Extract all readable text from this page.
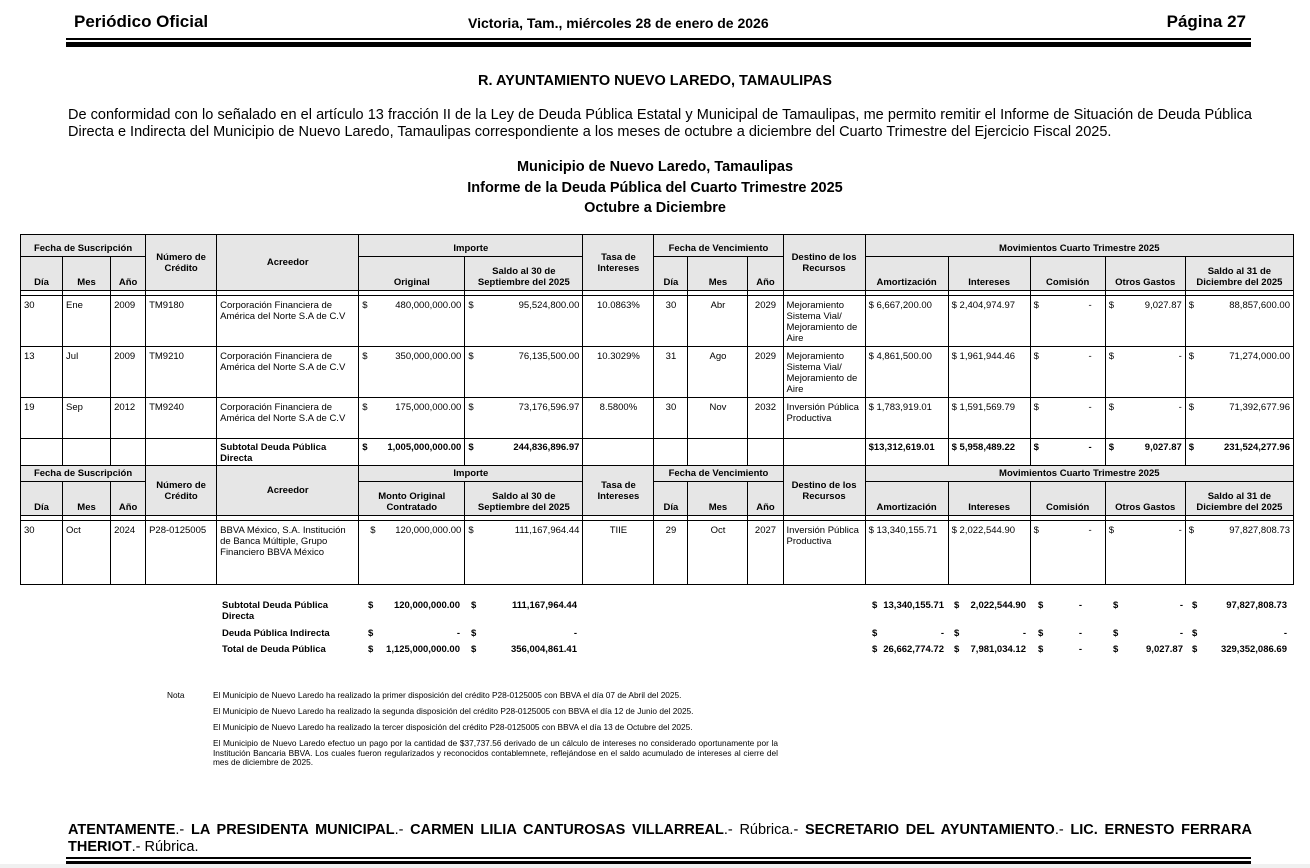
Periódico Oficial	Victoria, Tam., miércoles 28 de enero de 2026	Página 27
R. AYUNTAMIENTO NUEVO LAREDO, TAMAULIPAS
De conformidad con lo señalado en el artículo 13 fracción II de la Ley de Deuda Pública Estatal y Municipal de Tamaulipas, me permito remitir el Informe de Situación de Deuda Pública Directa e Indirecta del Municipio de Nuevo Laredo, Tamaulipas correspondiente a los meses de octubre a diciembre del Cuarto Trimestre del Ejercicio Fiscal 2025.
Municipio de Nuevo Laredo, Tamaulipas
Informe de la Deuda Pública del Cuarto Trimestre 2025
Octubre a Diciembre
Fecha de Suscripción			Número de Crédito	Acreedor	Importe		Tasa de Intereses	Fecha de Vencimiento			Destino de los Recursos	Movimientos Cuarto Trimestre 2025				
Día	Mes	Año			Original	Saldo al 30 de Septiembre del 2025		Día	Mes	Año		Amortización	Intereses	Comisión	Otros Gastos	Saldo al 31 de Diciembre del 2025

30	Ene	2009	TM9180	Corporación Financiera de América del Norte S.A de C.V	$ 480,000,000.00	$ 95,524,800.00	10.0863%	30	Abr	2029	Mejoramiento Sistema Vial/ Mejoramiento de Aire	$ 6,667,200.00	$ 2,404,974.97	$ -	$ 9,027.87	$ 88,857,600.00

13	Jul	2009	TM9210	Corporación Financiera de América del Norte S.A de C.V	$ 350,000,000.00	$ 76,135,500.00	10.3029%	31	Ago	2029	Mejoramiento Sistema Vial/ Mejoramiento de Aire	$ 4,861,500.00	$ 1,961,944.46	$ -	$ -	$ 71,274,000.00

19	Sep	2012	TM9240	Corporación Financiera de América del Norte S.A de C.V	$ 175,000,000.00	$ 73,176,596.97	8.5800%	30	Nov	2032	Inversión Pública Productiva	$ 1,783,919.01	$ 1,591,569.79	$ -	$ -	$ 71,392,677.96

				Subtotal Deuda Pública Directa	$ 1,005,000,000.00	$ 244,836,896.97						$13,312,619.01	$ 5,958,489.22	$ -	$ 9,027.87	$ 231,524,277.96

Fecha de Suscripción			Número de Crédito	Acreedor	Importe		Tasa de Intereses	Fecha de Vencimiento			Destino de los Recursos	Movimientos Cuarto Trimestre 2025				
Día	Mes	Año			Monto Original Contratado	Saldo al 30 de Septiembre del 2025		Día	Mes	Año		Amortización	Intereses	Comisión	Otros Gastos	Saldo al 31 de Diciembre del 2025

30	Oct	2024	P28-0125005	BBVA México, S.A. Institución de Banca Múltiple, Grupo Financiero BBVA México	$ 120,000,000.00	$ 111,167,964.44	TIIE	29	Oct	2027	Inversión Pública Productiva	$ 13,340,155.71	$ 2,022,544.90	$ -	$ -	$ 97,827,808.73
Subtotal Deuda Pública Directa
$	120,000,000.00 $	111,167,964.44	$ 13,340,155.71 $	2,022,544.90 $	-	$	- $	97,827,808.73
Deuda Pública Indirecta	$	- $	-	$	- $	- $	-	$	- $	-
Total de Deuda Pública	$	1,125,000,000.00 $	356,004,861.41	$ 26,662,774.72 $	7,981,034.12 $	-	$	9,027.87 $	329,352,086.69
Nota	El Municipio de Nuevo Laredo ha realizado la primer disposición del crédito P28-0125005 con BBVA el día 07 de Abril del 2025.
El Municipio de Nuevo Laredo ha realizado la segunda disposición del crédito P28-0125005 con BBVA el día 12 de Junio del 2025.
El Municipio de Nuevo Laredo ha realizado la tercer disposición del crédito P28-0125005 con BBVA el día 13 de Octubre del 2025.
El Municipio de Nuevo Laredo efectuo un pago por la cantidad de $37,737.56 derivado de un cálculo de intereses no considerado oportunamente por la Institución Bancaria BBVA. Los cuales fueron regularizados y reconocidos contablemnete, reflejándose en el saldo acumulado de intereses al cierre del mes de diciembre de 2025.
ATENTAMENTE.- LA PRESIDENTA MUNICIPAL.- CARMEN LILIA CANTUROSAS VILLARREAL.- Rúbrica.- SECRETARIO DEL AYUNTAMIENTO.- LIC. ERNESTO FERRARA THERIOT.- Rúbrica.
